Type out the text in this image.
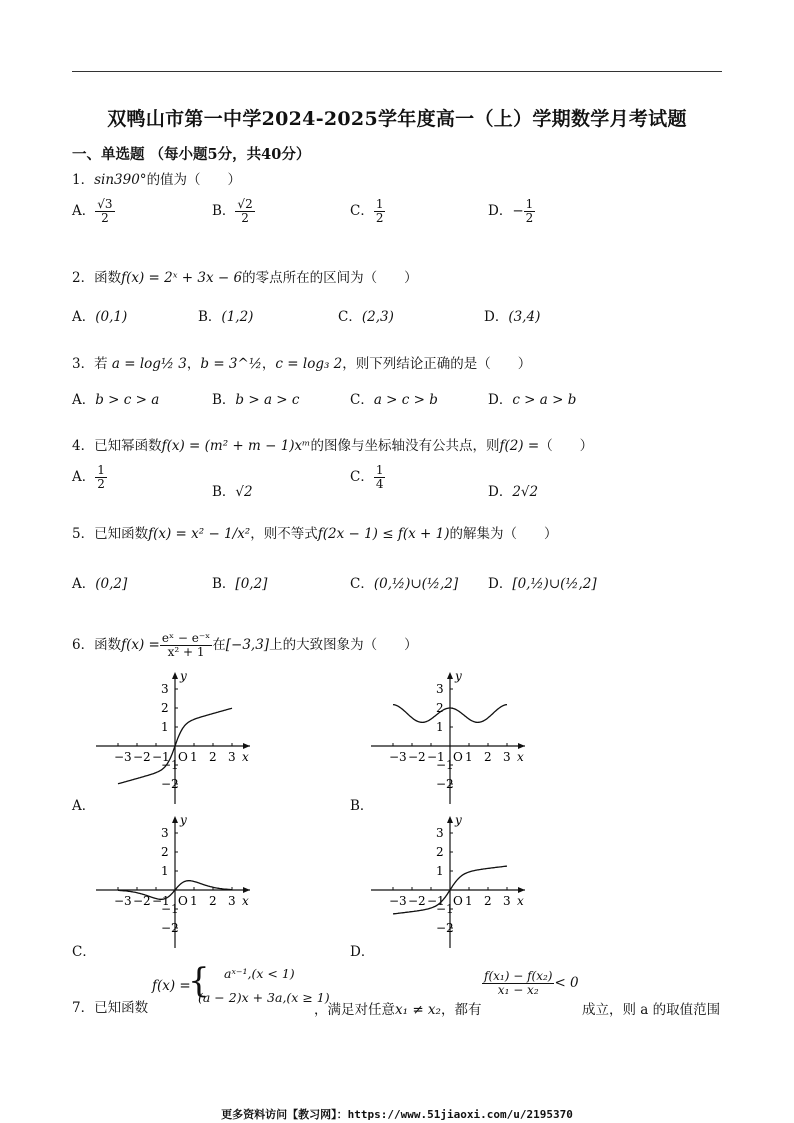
双鸭山市第一中学2024-2025学年度高一（上）学期数学月考试题
一、单选题 （每小题5分，共40分）
1．sin390°的值为（　　）
A． $\frac{√3}{2}$	B． $\frac{√2}{2}$	C． $\frac{1}{2}$	D．− $\frac{1}{2}$
2．函数f(x) = 2ˣ + 3x − 6的零点所在的区间为（　　）
A．(0,1)	B．(1,2)	C．(2,3)	D．(3,4)
3．若 a = log½ 3，b = 3^½，c = log₃ 2，则下列结论正确的是（　　）
A．b > c > a	B．b > a > c	C．a > c > b	D．c > a > b
4．已知幂函数f(x) = (m² + m − 1)xᵐ的图像与坐标轴没有公共点，则f(2) =（　　）
A． $\frac{1}{2}$
B．√2
C． $\frac{1}{4}$
D．2√2
5．已知函数f(x) = x² − 1/x²，则不等式f(2x − 1) ≤ f(x + 1)的解集为（　　）
A．(0,2]	B．[0,2]	C．(0,½)∪(½,2] D．[0,½)∪(½,2]
6．函数$f(x) = \frac{\text{eˣ − e⁻ˣ}}{\text{x² + 1}}$ 在[−3,3]上的大致图象为（　　）
−3 −2 −1 O 1 2 3
3
2
1
−1
−2
x
y
A．
−3 −2 −1 O 1 2 3
3
2
1
−1
−2
x
y
B．
−3 −2 −1 O 1 2 3
3
2
1
−1
−2
x
y
C．
−3 −2 −1 O 1 2 3
3
2
1
−1
−2
x
y
D．
7．已知函数
f(x) =
{ aˣ⁻¹,(x < 1)
(a − 2)x + 3a,(x ≥ 1)
，满足对任意x₁ ≠ x₂，都有
$\frac{\text{f(x₁) − f(x₂)}}{\text{x₁ − x₂}} < 0$
成立，则 a 的取值范围
更多资料访问【教习网】：https://www.51jiaoxi.com/u/2195370
